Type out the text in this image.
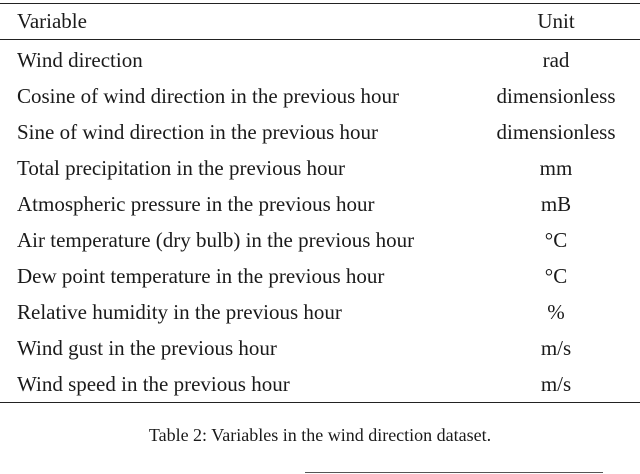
Variable	Unit
Wind direction	rad
Cosine of wind direction in the previous hour	dimensionless
Sine of wind direction in the previous hour	dimensionless
Total precipitation in the previous hour	mm
Atmospheric pressure in the previous hour	mB
Air temperature (dry bulb) in the previous hour	°C
Dew point temperature in the previous hour	°C
Relative humidity in the previous hour	%
Wind gust in the previous hour	m/s
Wind speed in the previous hour	m/s
Table 2: Variables in the wind direction dataset.
